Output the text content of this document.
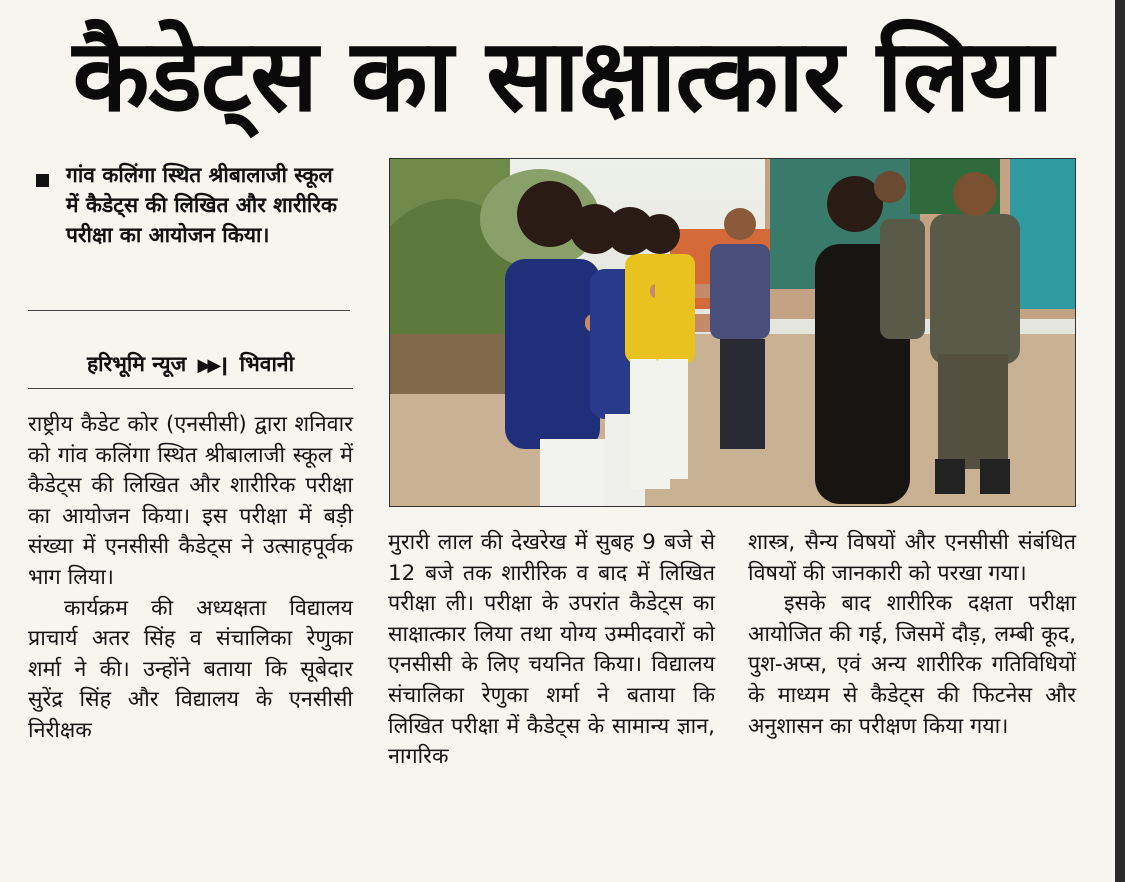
कैडेट्स का साक्षात्कार लिया

गांव कलिंगा स्थित श्रीबालाजी स्कूल में कैडेट्स की लिखित और शारीरिक परीक्षा का आयोजन किया।

हरिभूमि न्यूज ▶▶❙ भिवानी

राष्ट्रीय कैडेट कोर (एनसीसी) द्वारा शनिवार को गांव कलिंगा स्थित श्रीबालाजी स्कूल में कैडेट्स की लिखित और शारीरिक परीक्षा का आयोजन किया। इस परीक्षा में बड़ी संख्या में एनसीसी कैडेट्स ने उत्साहपूर्वक भाग लिया।

कार्यक्रम की अध्यक्षता विद्यालय प्राचार्य अतर सिंह व संचालिका रेणुका शर्मा ने की। उन्होंने बताया कि सूबेदार सुरेंद्र सिंह और विद्यालय के एनसीसी निरीक्षक

मुरारी लाल की देखरेख में सुबह 9 बजे से 12 बजे तक शारीरिक व बाद में लिखित परीक्षा ली। परीक्षा के उपरांत कैडेट्स का साक्षात्कार लिया तथा योग्य उम्मीदवारों को एनसीसी के लिए चयनित किया। विद्यालय संचालिका रेणुका शर्मा ने बताया कि लिखित परीक्षा में कैडेट्स के सामान्य ज्ञान, नागरिक

शास्त्र, सैन्य विषयों और एनसीसी संबंधित विषयों की जानकारी को परखा गया।

इसके बाद शारीरिक दक्षता परीक्षा आयोजित की गई, जिसमें दौड़, लम्बी कूद, पुश-अप्स, एवं अन्य शारीरिक गतिविधियों के माध्यम से कैडेट्स की फिटनेस और अनुशासन का परीक्षण किया गया।
